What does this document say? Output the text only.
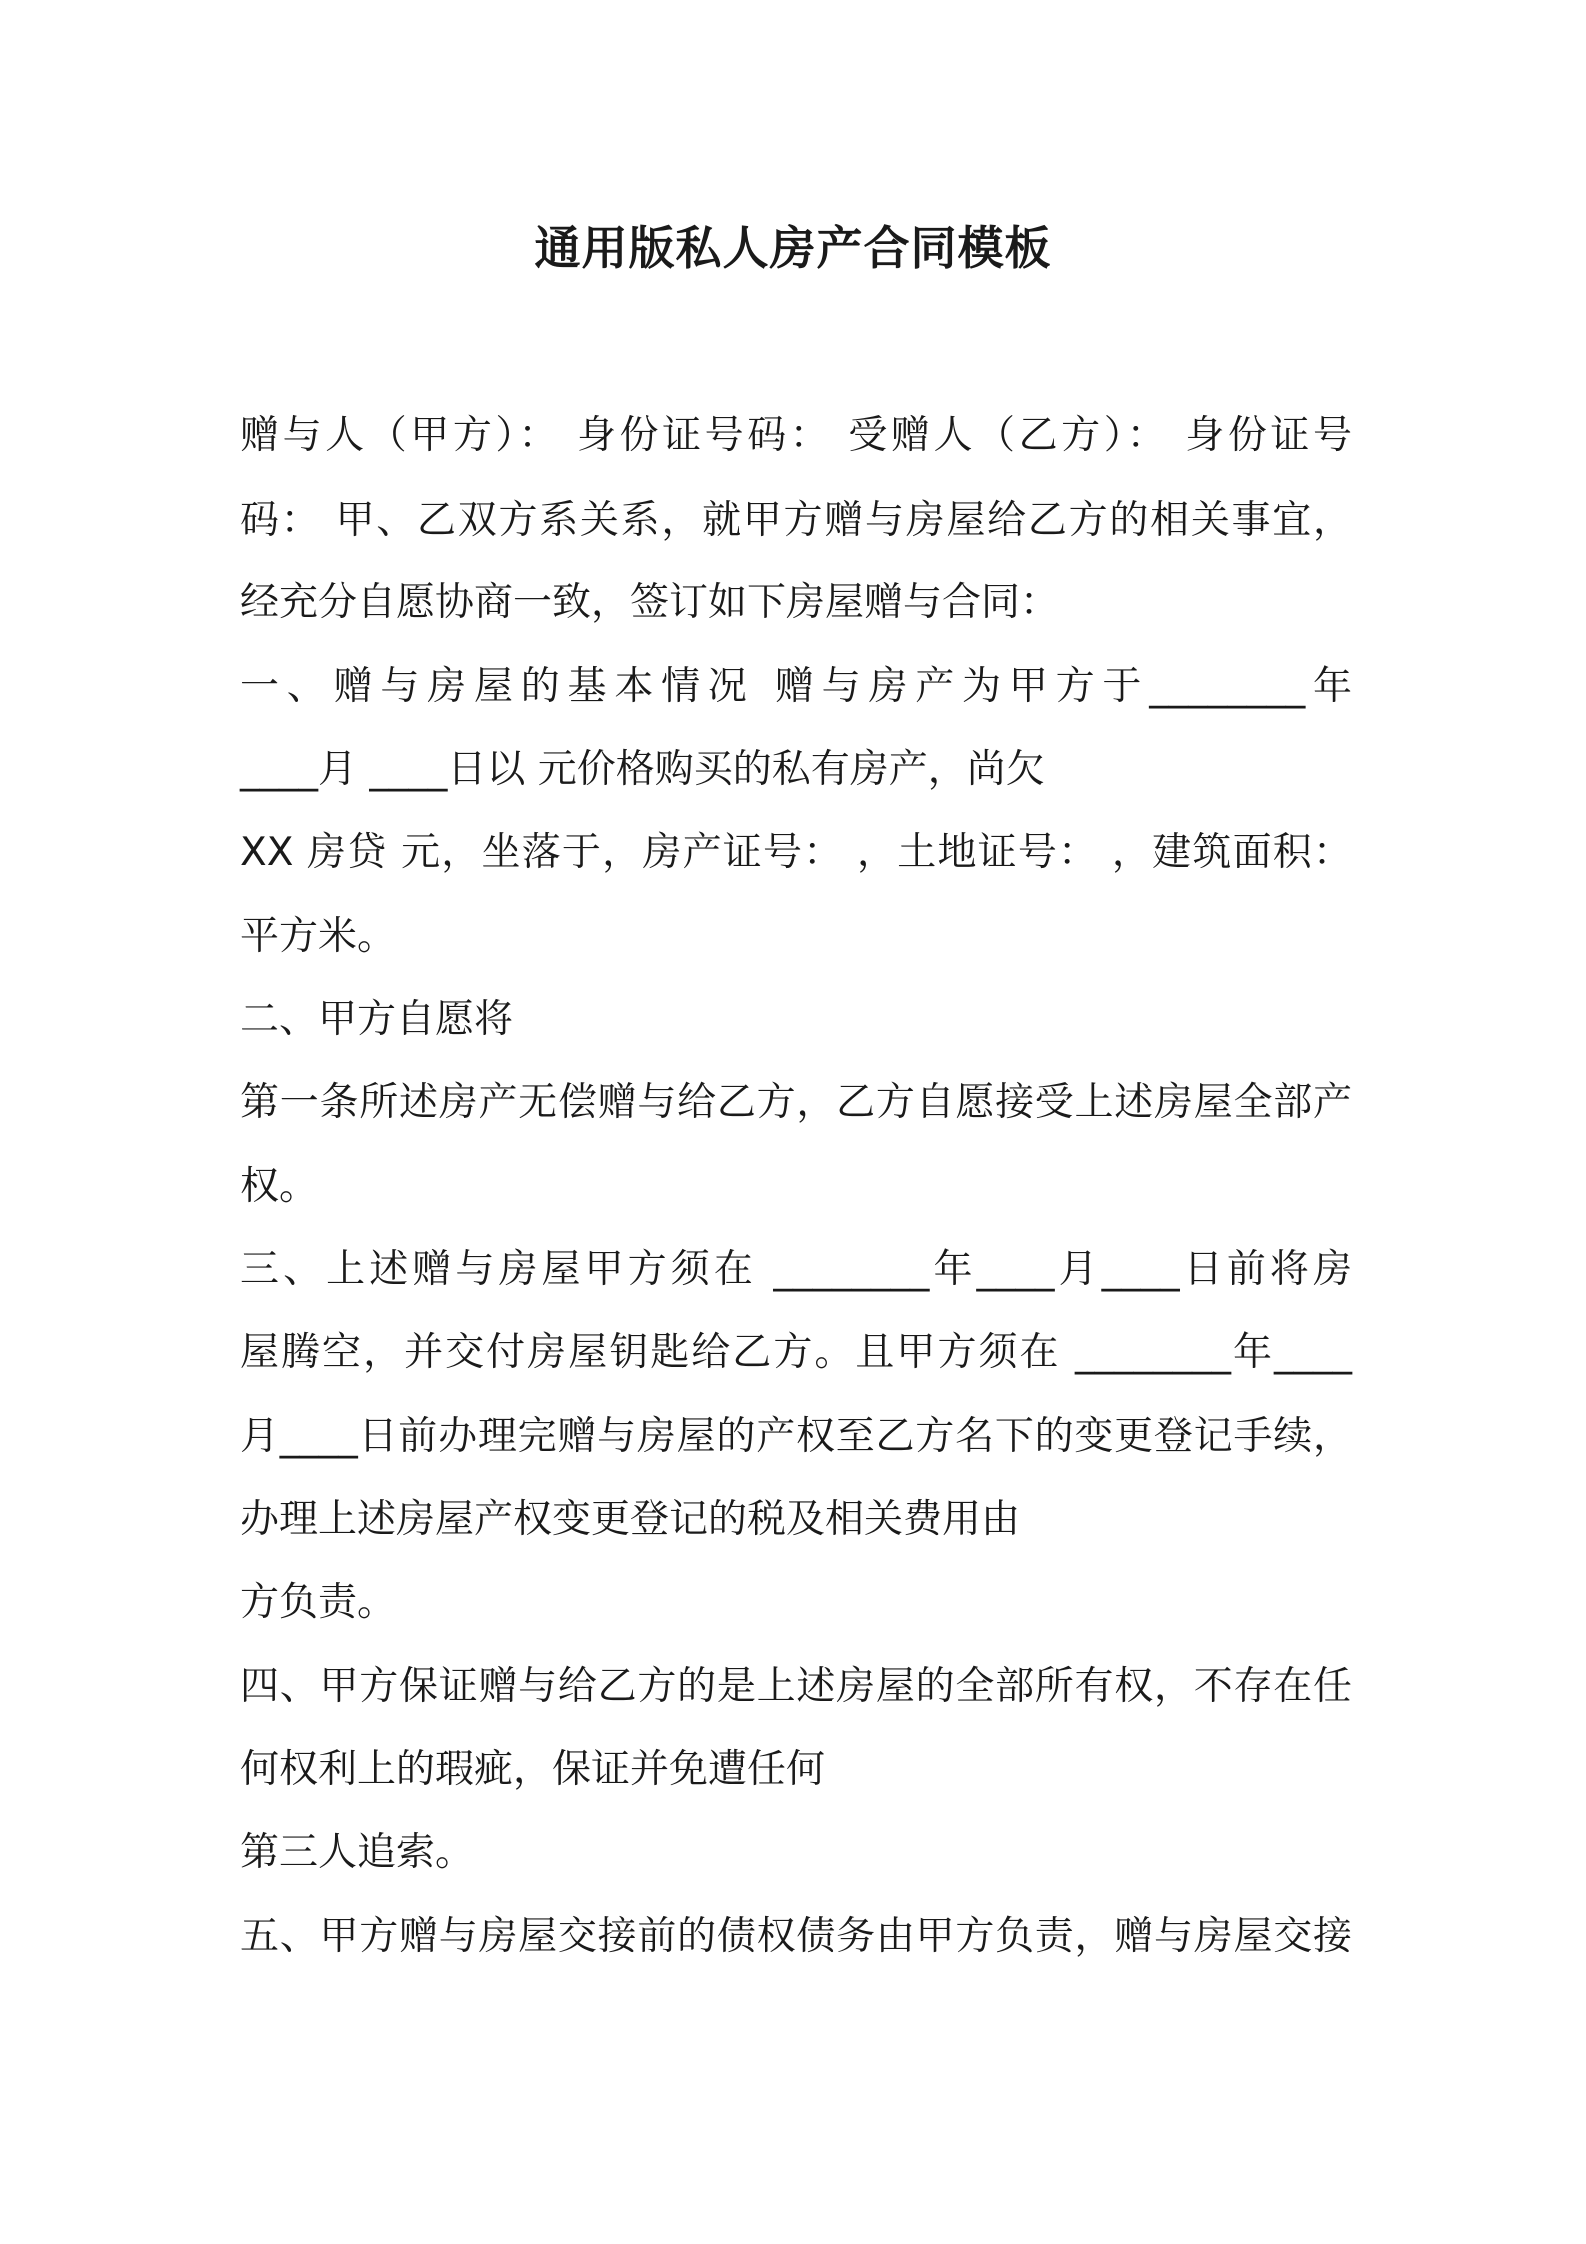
通用版私人房产合同模板
赠与人（甲方）： 身份证号码： 受赠人（乙方）： 身份证号
码： 甲、乙双方系关系，就甲方赠与房屋给乙方的相关事宜，
经充分自愿协商一致，签订如下房屋赠与合同：
一、赠与房屋的基本情况 赠与房产为甲方于________年
____月 ____日以 元价格购买的私有房产，尚欠
XX 房贷 元，坐落于，房产证号： ，土地证号： ，建筑面积：
平方米。
二、甲方自愿将
第一条所述房产无偿赠与给乙方，乙方自愿接受上述房屋全部产
权。
三、上述赠与房屋甲方须在 ________年____月____日前将房
屋腾空，并交付房屋钥匙给乙方。且甲方须在 ________年____
月____日前办理完赠与房屋的产权至乙方名下的变更登记手续，
办理上述房屋产权变更登记的税及相关费用由
方负责。
四、甲方保证赠与给乙方的是上述房屋的全部所有权，不存在任
何权利上的瑕疵，保证并免遭任何
第三人追索。
五、甲方赠与房屋交接前的债权债务由甲方负责，赠与房屋交接
